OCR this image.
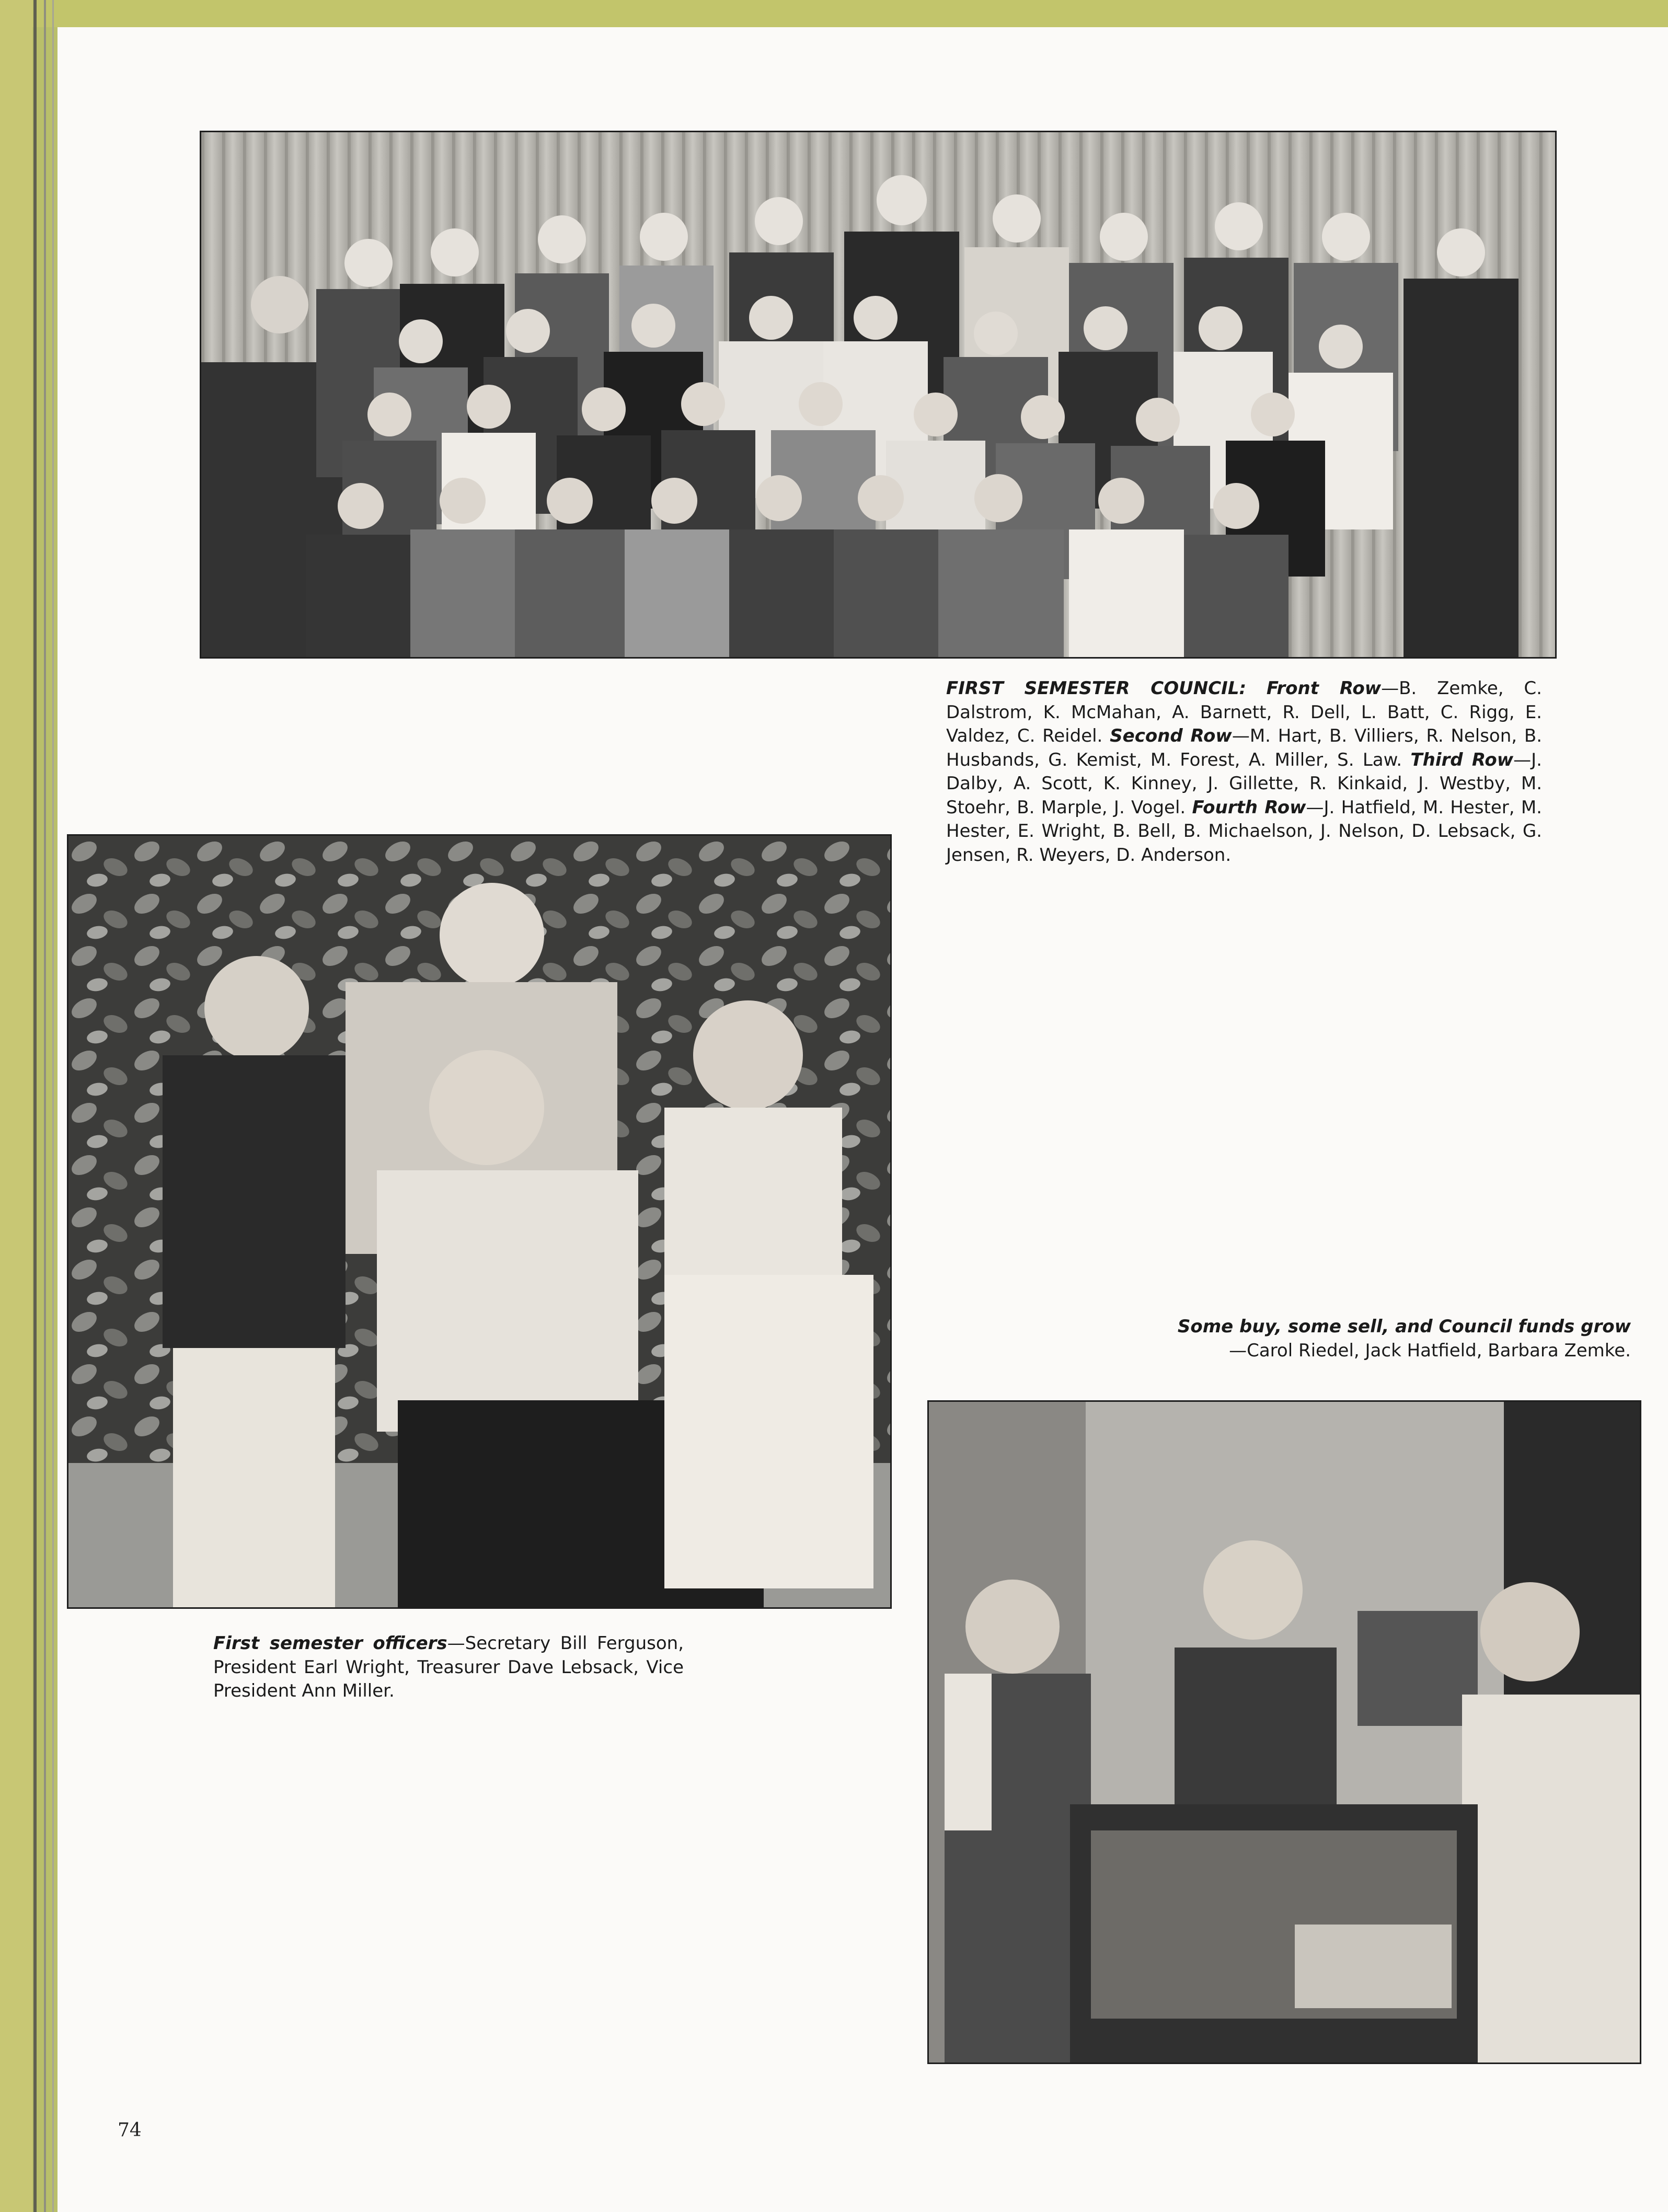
FIRST SEMESTER COUNCIL: Front Row—B. Zemke, C. Dalstrom, K. McMahan, A. Barnett, R. Dell, L. Batt, C. Rigg, E. Valdez, C. Reidel. Second Row—M. Hart, B. Villiers, R. Nelson, B. Husbands, G. Kemist, M. Forest, A. Miller, S. Law. Third Row—J. Dalby, A. Scott, K. Kinney, J. Gillette, R. Kinkaid, J. Westby, M. Stoehr, B. Marple, J. Vogel. Fourth Row—J. Hatfield, M. Hester, M. Hester, E. Wright, B. Bell, B. Michaelson, J. Nelson, D. Lebsack, G. Jensen, R. Weyers, D. Anderson.

First semester officers—Secretary Bill Ferguson, President Earl Wright, Treasurer Dave Lebsack, Vice President Ann Miller.

Some buy, some sell, and Council funds grow
—Carol Riedel, Jack Hatfield, Barbara Zemke.

74
